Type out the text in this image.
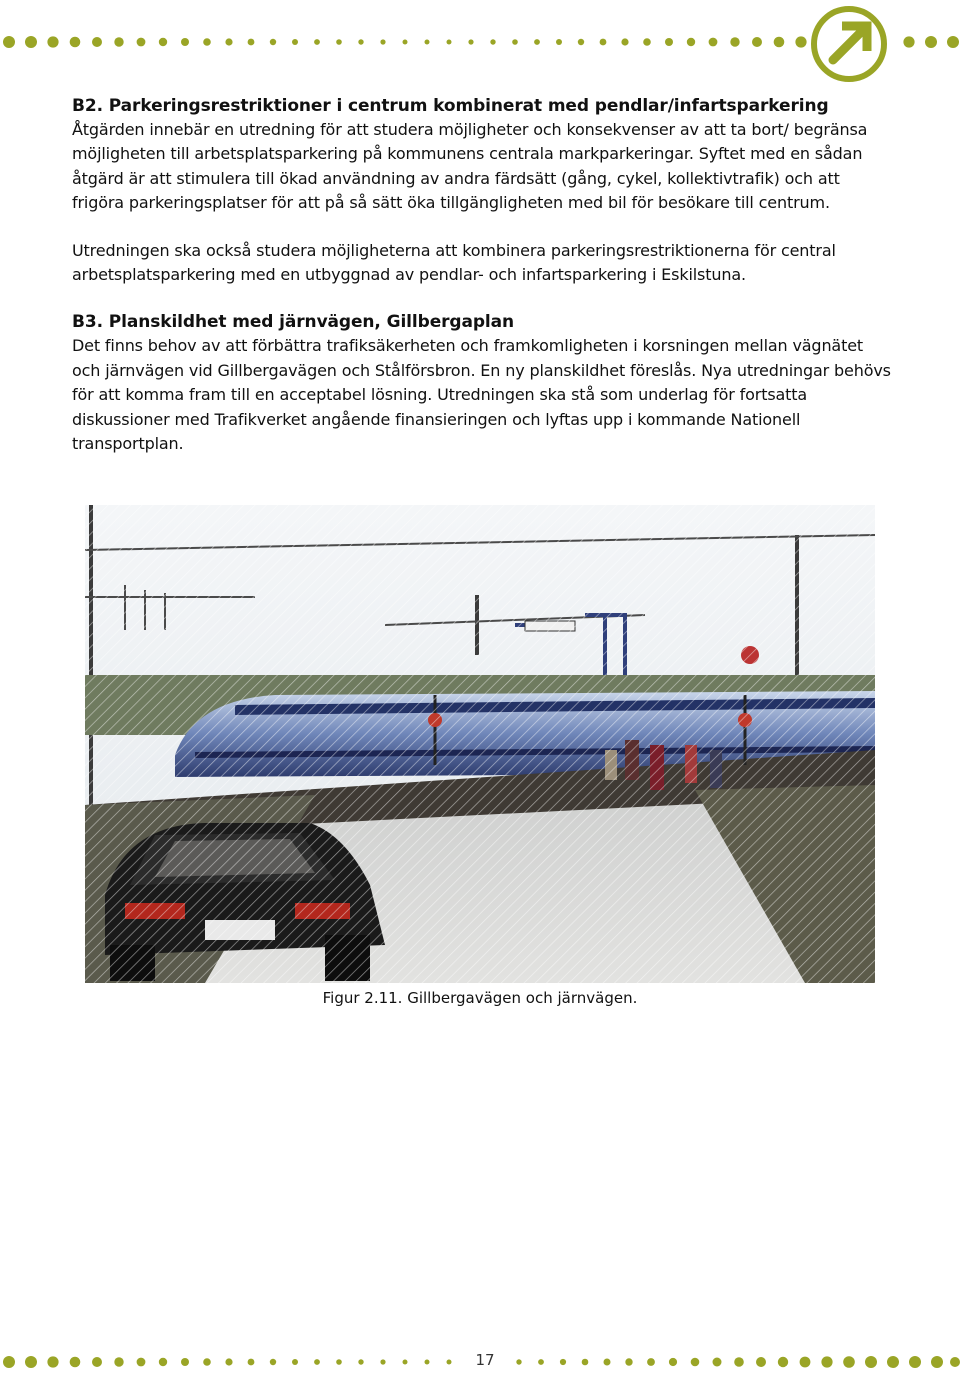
B2. Parkeringsrestriktioner i centrum kombinerat med pendlar/infartsparkering

Åtgärden innebär en utredning för att studera möjligheter och konsekvenser av att ta bort/ begränsa möjligheten till arbetsplatsparkering på kommunens centrala markparkeringar. Syftet med en sådan åtgärd är att stimulera till ökad användning av andra färdsätt (gång, cykel, kollektivtrafik) och att frigöra parkeringsplatser för att på så sätt öka tillgängligheten med bil för besökare till centrum.

Utredningen ska också studera möjligheterna att kombinera parkeringsrestriktionerna för central arbetsplatsparkering med en utbyggnad av pendlar- och infartsparkering i Eskilstuna.

B3. Planskildhet med järnvägen, Gillbergaplan

Det finns behov av att förbättra trafiksäkerheten och framkomligheten i korsningen mellan vägnätet och järnvägen vid Gillbergavägen och Stålförsbron. En ny planskildhet föreslås. Nya utredningar behövs för att komma fram till en acceptabel lösning. Utredningen ska stå som underlag för fortsatta diskussioner med Trafikverket angående finansieringen och lyftas upp i kommande Nationell transportplan.

Figur 2.11. Gillbergavägen och järnvägen.
17
